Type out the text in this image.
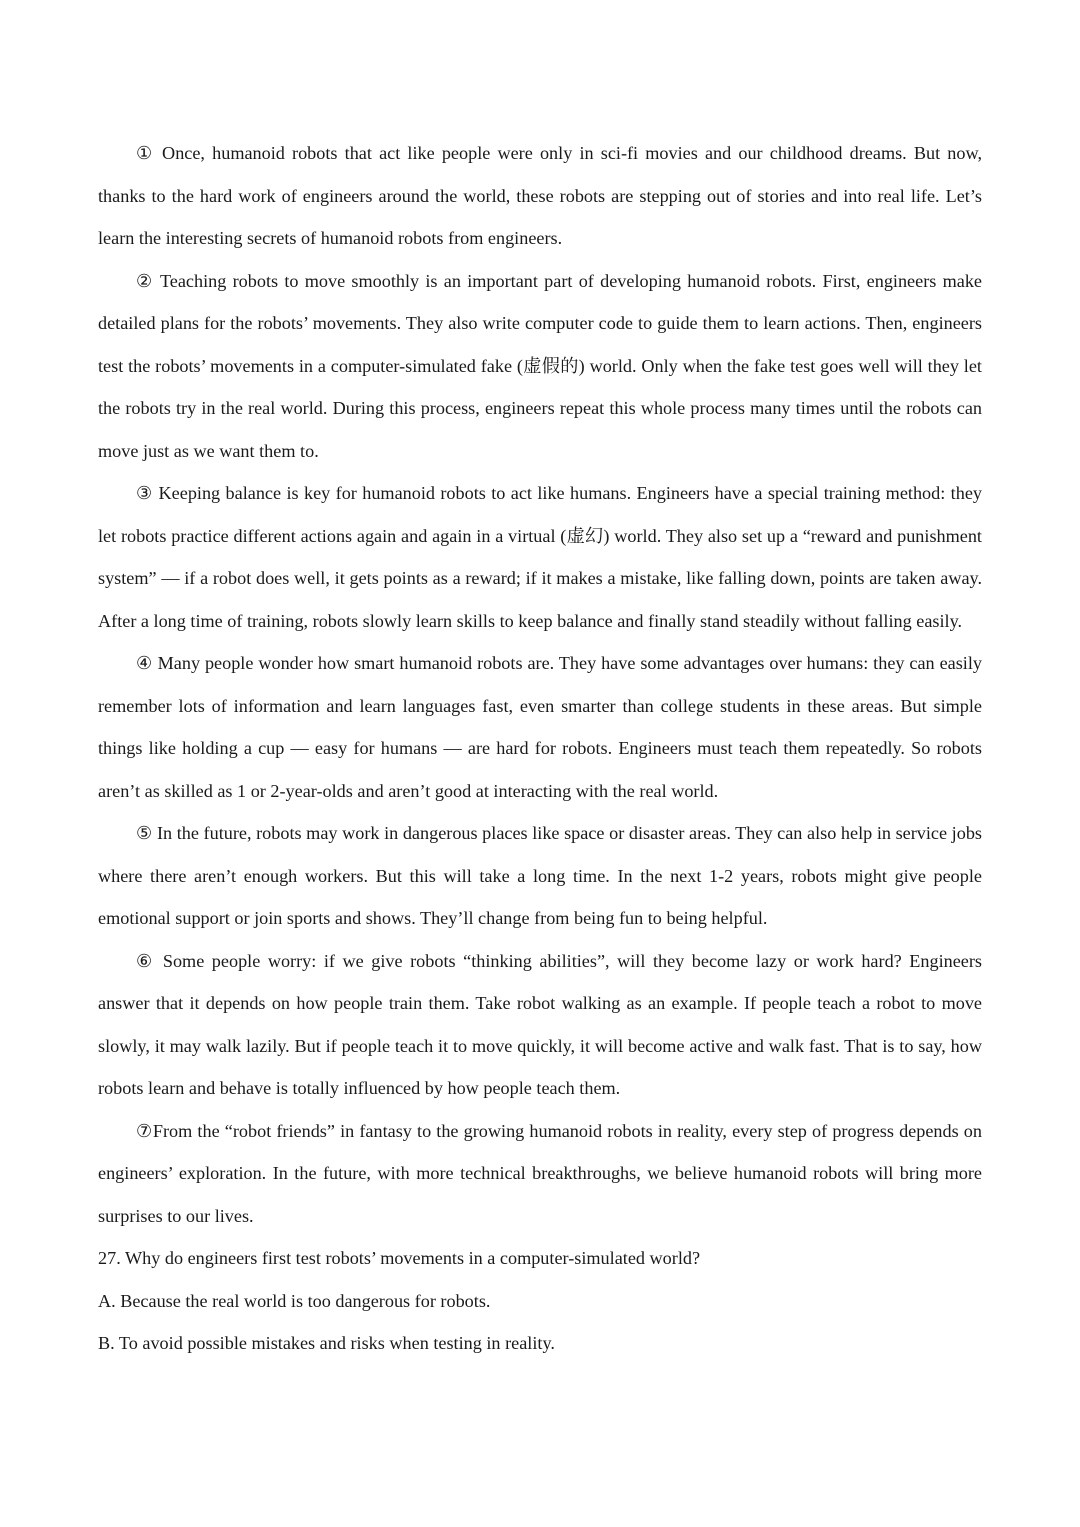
① Once, humanoid robots that act like people were only in sci-fi movies and our childhood dreams. But now, thanks to the hard work of engineers around the world, these robots are stepping out of stories and into real life. Let’s learn the interesting secrets of humanoid robots from engineers.

② Teaching robots to move smoothly is an important part of developing humanoid robots. First, engineers make detailed plans for the robots’ movements. They also write computer code to guide them to learn actions. Then, engineers test the robots’ movements in a computer-simulated fake (虚假的) world. Only when the fake test goes well will they let the robots try in the real world. During this process, engineers repeat this whole process many times until the robots can move just as we want them to.

③ Keeping balance is key for humanoid robots to act like humans. Engineers have a special training method: they let robots practice different actions again and again in a virtual (虚幻) world. They also set up a “reward and punishment system” — if a robot does well, it gets points as a reward; if it makes a mistake, like falling down, points are taken away. After a long time of training, robots slowly learn skills to keep balance and finally stand steadily without falling easily.

④ Many people wonder how smart humanoid robots are. They have some advantages over humans: they can easily remember lots of information and learn languages fast, even smarter than college students in these areas. But simple things like holding a cup — easy for humans — are hard for robots. Engineers must teach them repeatedly. So robots aren’t as skilled as 1 or 2-year-olds and aren’t good at interacting with the real world.

⑤ In the future, robots may work in dangerous places like space or disaster areas. They can also help in service jobs where there aren’t enough workers. But this will take a long time. In the next 1-2 years, robots might give people emotional support or join sports and shows. They’ll change from being fun to being helpful.

⑥ Some people worry: if we give robots “thinking abilities”, will they become lazy or work hard? Engineers answer that it depends on how people train them. Take robot walking as an example. If people teach a robot to move slowly, it may walk lazily. But if people teach it to move quickly, it will become active and walk fast. That is to say, how robots learn and behave is totally influenced by how people teach them.

⑦From the “robot friends” in fantasy to the growing humanoid robots in reality, every step of progress depends on engineers’ exploration. In the future, with more technical breakthroughs, we believe humanoid robots will bring more surprises to our lives.

27. Why do engineers first test robots’ movements in a computer-simulated world?

A. Because the real world is too dangerous for robots.

B. To avoid possible mistakes and risks when testing in reality.
